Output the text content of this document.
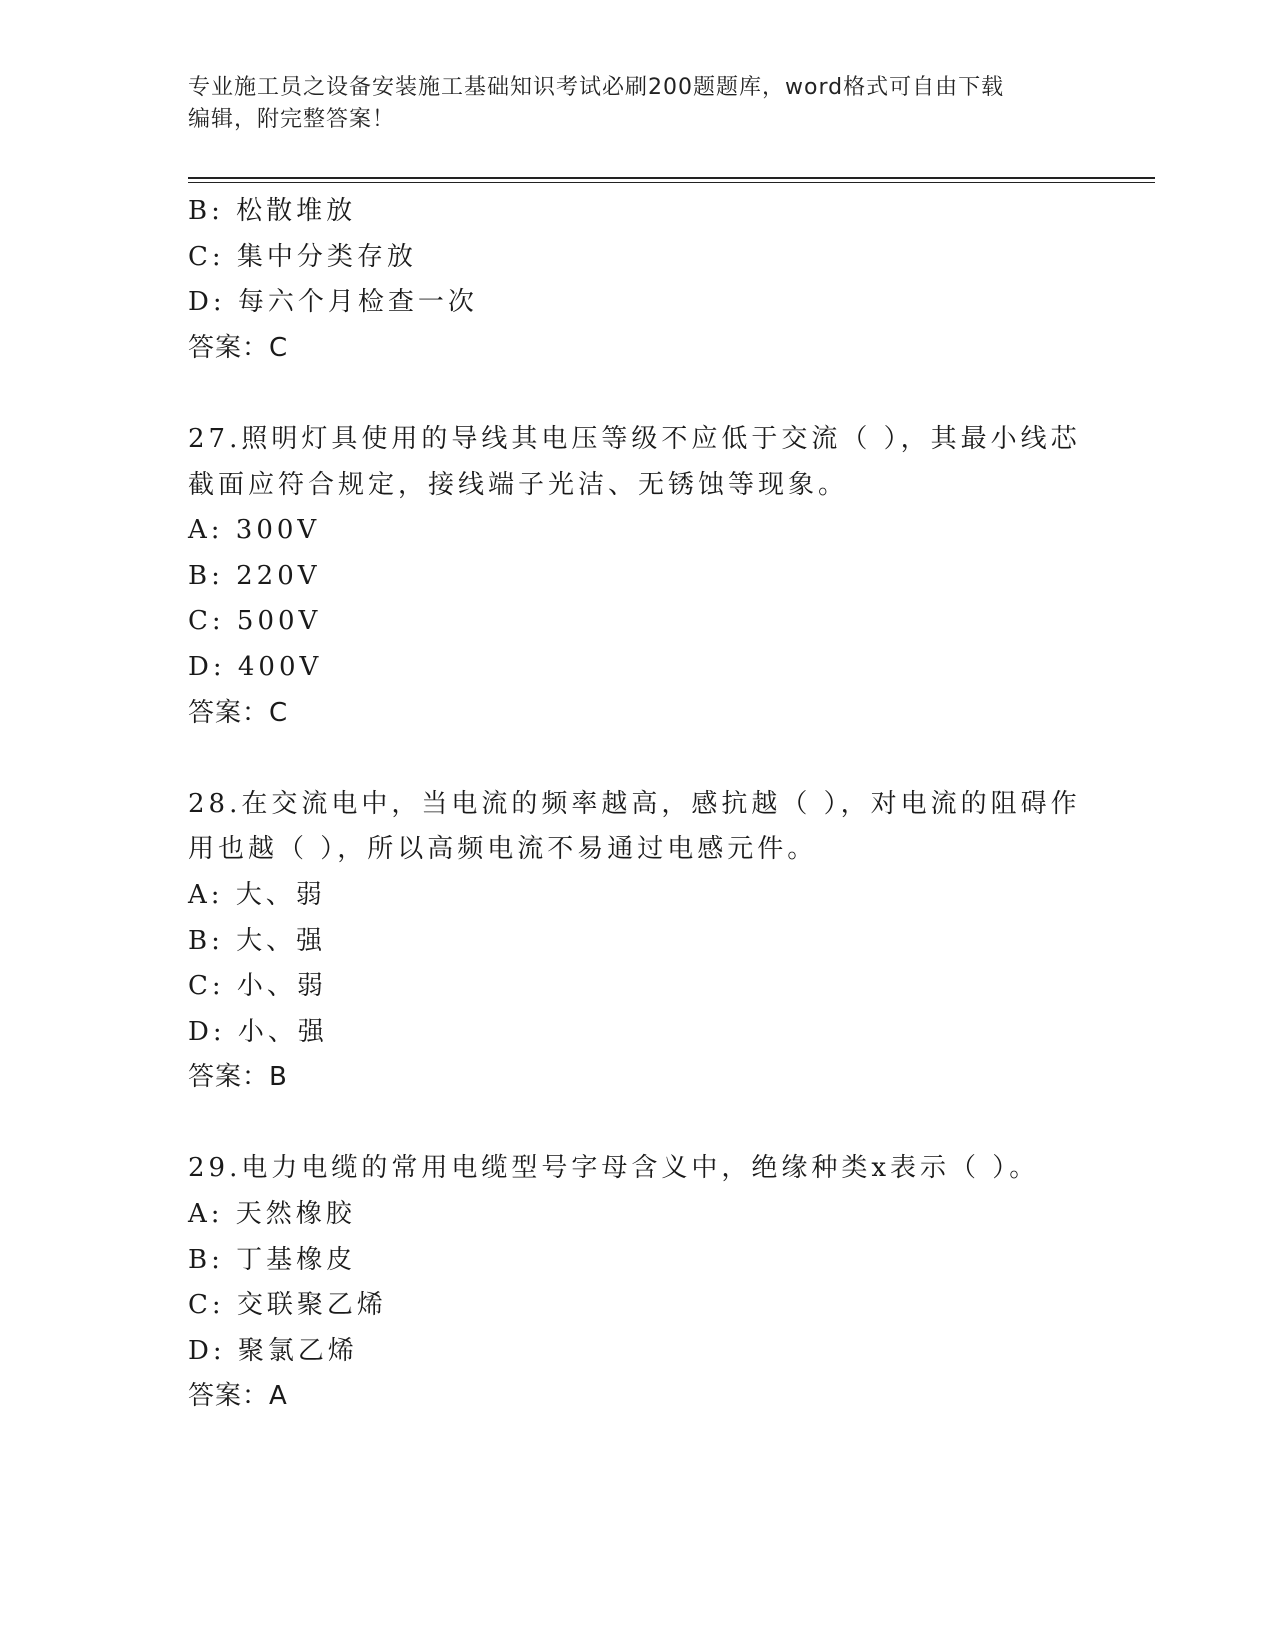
专业施工员之设备安装施工基础知识考试必刷200题题库，word格式可自由下载
编辑，附完整答案！
B: 松散堆放
C: 集中分类存放
D: 每六个月检查一次
答案：C
27.照明灯具使用的导线其电压等级不应低于交流（ ），其最小线芯
截面应符合规定，接线端子光洁、无锈蚀等现象。
A: 300V
B: 220V
C: 500V
D: 400V
答案：C
28.在交流电中，当电流的频率越高，感抗越（ ），对电流的阻碍作
用也越（ ），所以高频电流不易通过电感元件。
A: 大、弱
B: 大、强
C: 小、弱
D: 小、强
答案：B
29.电力电缆的常用电缆型号字母含义中，绝缘种类x表示（ ）。
A: 天然橡胶
B: 丁基橡皮
C: 交联聚乙烯
D: 聚氯乙烯
答案：A
